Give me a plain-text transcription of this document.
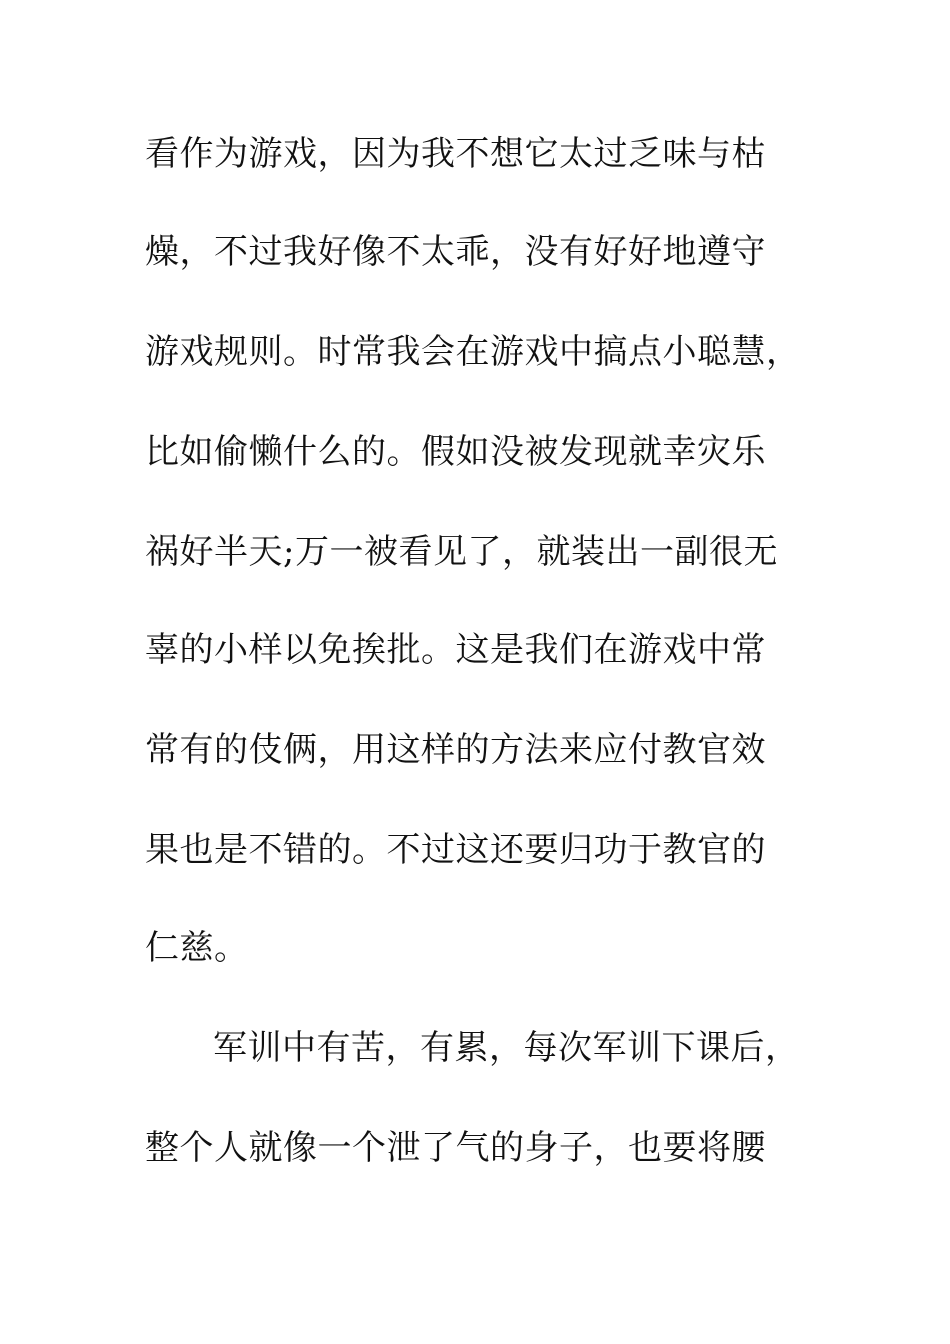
看作为游戏，因为我不想它太过乏味与枯
燥，不过我好像不太乖，没有好好地遵守
游戏规则。时常我会在游戏中搞点小聪慧，
比如偷懒什么的。假如没被发现就幸灾乐
祸好半天;万一被看见了，就装出一副很无
辜的小样以免挨批。这是我们在游戏中常
常有的伎俩，用这样的方法来应付教官效
果也是不错的。不过这还要归功于教官的
仁慈。
军训中有苦，有累，每次军训下课后，
整个人就像一个泄了气的身子，也要将腰
